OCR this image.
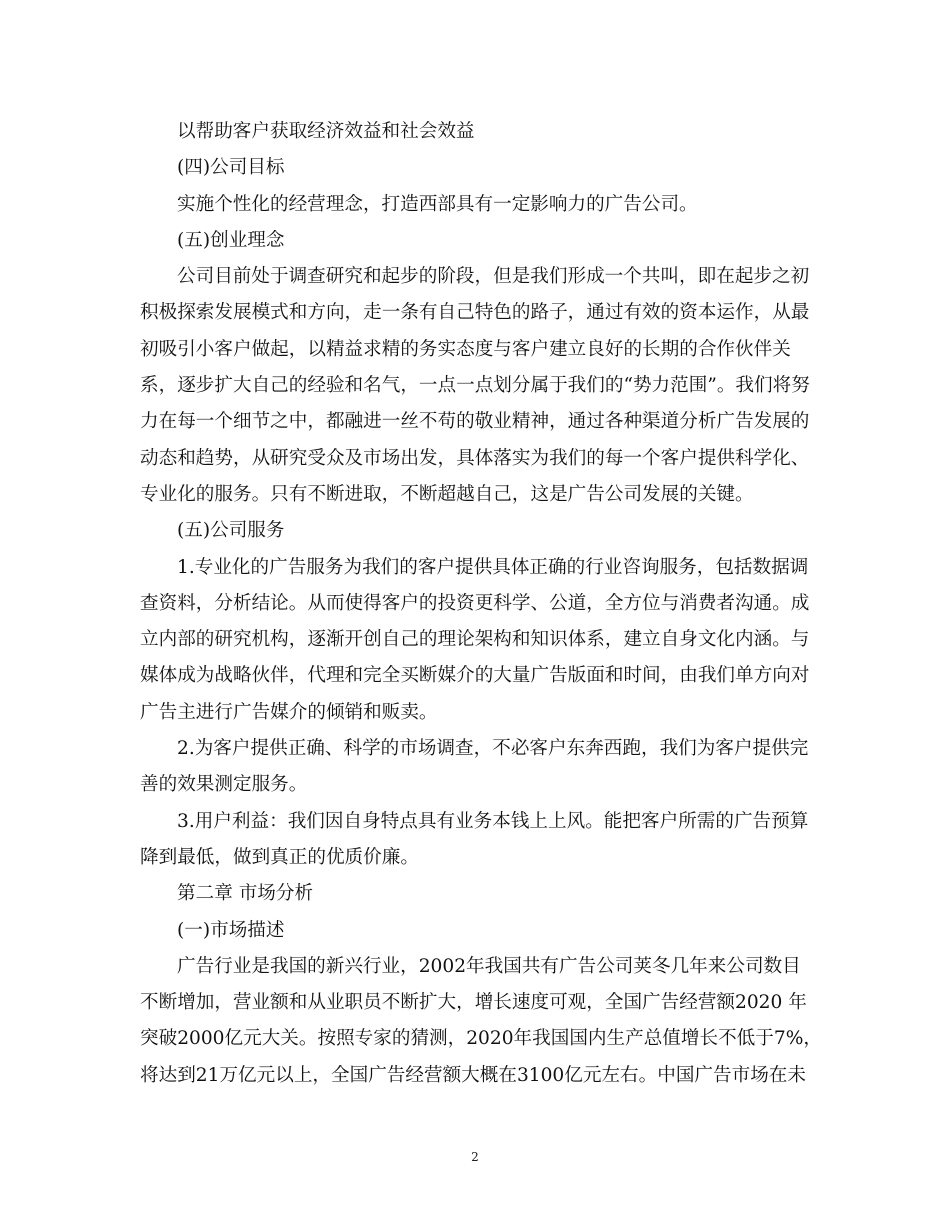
以帮助客户获取经济效益和社会效益
(四)公司目标
实施个性化的经营理念，打造西部具有一定影响力的广告公司。
(五)创业理念
公司目前处于调查研究和起步的阶段，但是我们形成一个共叫，即在起步之初
积极探索发展模式和方向，走一条有自己特色的路子，通过有效的资本运作，从最
初吸引小客户做起，以精益求精的务实态度与客户建立良好的长期的合作伙伴关
系，逐步扩大自己的经验和名气，一点一点划分属于我们的“势力范围”。我们将努
力在每一个细节之中，都融进一丝不苟的敬业精神，通过各种渠道分析广告发展的
动态和趋势，从研究受众及市场出发，具体落实为我们的每一个客户提供科学化、
专业化的服务。只有不断进取，不断超越自己，这是广告公司发展的关键。
(五)公司服务
1.专业化的广告服务为我们的客户提供具体正确的行业咨询服务，包括数据调
查资料，分析结论。从而使得客户的投资更科学、公道，全方位与消费者沟通。成
立内部的研究机构，逐渐开创自己的理论架构和知识体系，建立自身文化内涵。与
媒体成为战略伙伴，代理和完全买断媒介的大量广告版面和时间，由我们单方向对
广告主进行广告媒介的倾销和贩卖。
2.为客户提供正确、科学的市场调查，不必客户东奔西跑，我们为客户提供完
善的效果测定服务。
3.用户利益：我们因自身特点具有业务本钱上上风。能把客户所需的广告预算
降到最低，做到真正的优质价廉。
第二章 市场分析
(一)市场描述
广告行业是我国的新兴行业，2002年我国共有广告公司荚冬几年来公司数目
不断增加，营业额和从业职员不断扩大，增长速度可观，全国广告经营额2020 年
突破2000亿元大关。按照专家的猜测，2020年我国国内生产总值增长不低于7%，
将达到21万亿元以上，全国广告经营额大概在3100亿元左右。中国广告市场在未
2
